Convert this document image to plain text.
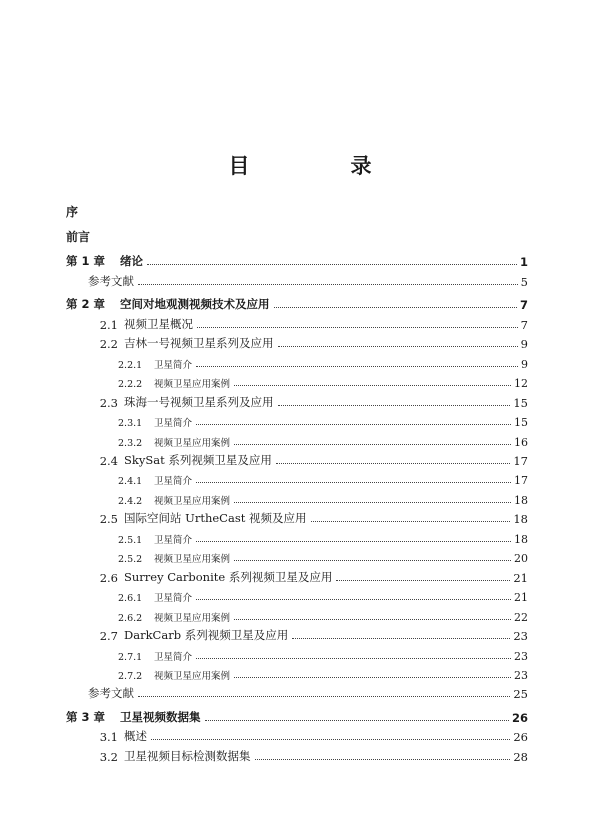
目　录
序
前言
第 1 章	绪论	1
参考文献	5
第 2 章	空间对地观测视频技术及应用	7
2.1 视频卫星概况	7
2.2 吉林一号视频卫星系列及应用	9
2.2.1	卫星简介	9
2.2.2	视频卫星应用案例	12
2.3 珠海一号视频卫星系列及应用	15
2.3.1	卫星简介	15
2.3.2	视频卫星应用案例	16
2.4 SkySat 系列视频卫星及应用	17
2.4.1	卫星简介	17
2.4.2	视频卫星应用案例	18
2.5 国际空间站 UrtheCast 视频及应用	18
2.5.1	卫星简介	18
2.5.2	视频卫星应用案例	20
2.6 Surrey Carbonite 系列视频卫星及应用	21
2.6.1	卫星简介	21
2.6.2	视频卫星应用案例	22
2.7 DarkCarb 系列视频卫星及应用	23
2.7.1	卫星简介	23
2.7.2	视频卫星应用案例	23
参考文献	25
第 3 章	卫星视频数据集	26
3.1 概述	26
3.2 卫星视频目标检测数据集	28
